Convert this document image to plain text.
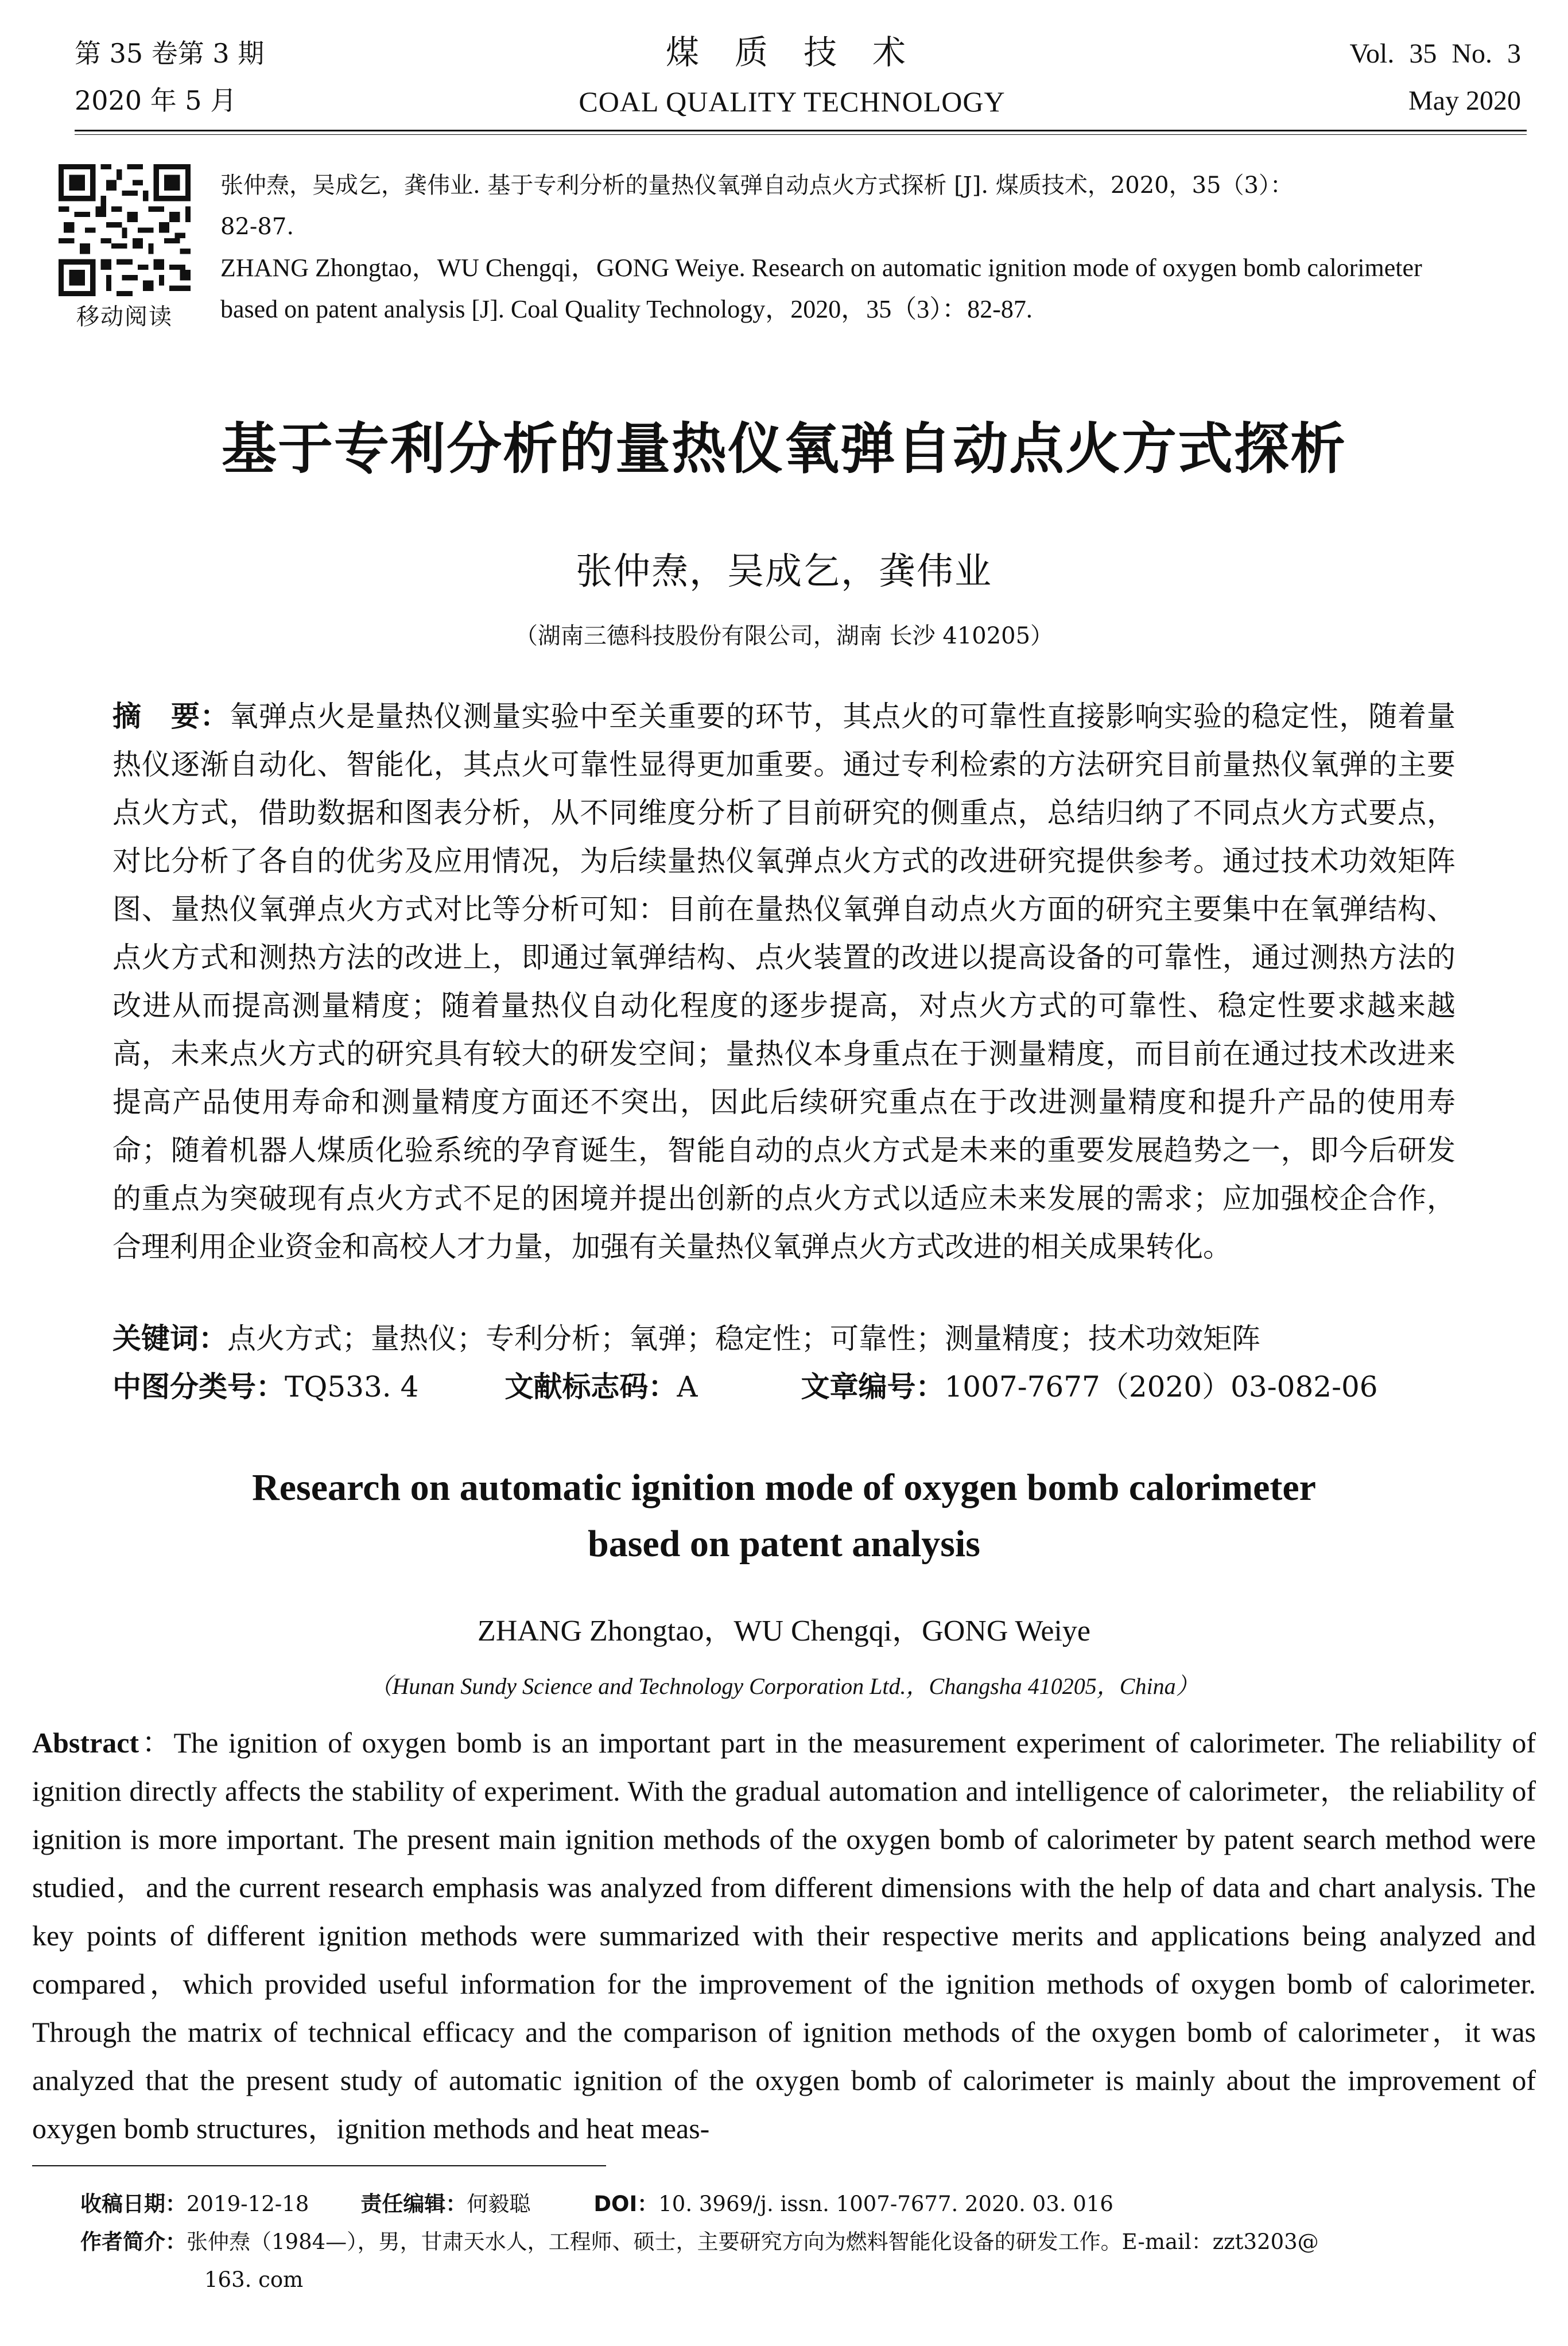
第 35 卷第 3 期
2020 年 5 月
煤质技术
COAL QUALITY TECHNOLOGY
Vol. 35 No. 3
May 2020
移动阅读
张仲焘，吴成乞，龚伟业. 基于专利分析的量热仪氧弹自动点火方式探析 [J]. 煤质技术，2020，35（3）：
82-87.
ZHANG Zhongtao，WU Chengqi，GONG Weiye. Research on automatic ignition mode of oxygen bomb calorimeter
based on patent analysis [J]. Coal Quality Technology，2020，35（3）：82-87.
基于专利分析的量热仪氧弹自动点火方式探析
张仲焘，吴成乞，龚伟业
（湖南三德科技股份有限公司，湖南 长沙 410205）
摘　要：氧弹点火是量热仪测量实验中至关重要的环节，其点火的可靠性直接影响实验的稳定性，随着量热仪逐渐自动化、智能化，其点火可靠性显得更加重要。通过专利检索的方法研究目前量热仪氧弹的主要点火方式，借助数据和图表分析，从不同维度分析了目前研究的侧重点，总结归纳了不同点火方式要点，对比分析了各自的优劣及应用情况，为后续量热仪氧弹点火方式的改进研究提供参考。通过技术功效矩阵图、量热仪氧弹点火方式对比等分析可知：目前在量热仪氧弹自动点火方面的研究主要集中在氧弹结构、点火方式和测热方法的改进上，即通过氧弹结构、点火装置的改进以提高设备的可靠性，通过测热方法的改进从而提高测量精度；随着量热仪自动化程度的逐步提高，对点火方式的可靠性、稳定性要求越来越高，未来点火方式的研究具有较大的研发空间；量热仪本身重点在于测量精度，而目前在通过技术改进来提高产品使用寿命和测量精度方面还不突出，因此后续研究重点在于改进测量精度和提升产品的使用寿命；随着机器人煤质化验系统的孕育诞生，智能自动的点火方式是未来的重要发展趋势之一，即今后研发的重点为突破现有点火方式不足的困境并提出创新的点火方式以适应未来发展的需求；应加强校企合作，合理利用企业资金和高校人才力量，加强有关量热仪氧弹点火方式改进的相关成果转化。
关键词：点火方式；量热仪；专利分析；氧弹；稳定性；可靠性；测量精度；技术功效矩阵
中图分类号：TQ533. 4	文献标志码：A	文章编号：1007-7677（2020）03-082-06
Research on automatic ignition mode of oxygen bomb calorimeter
based on patent analysis
ZHANG Zhongtao，WU Chengqi，GONG Weiye
（Hunan Sundy Science and Technology Corporation Ltd.，Changsha 410205，China）
Abstract：The ignition of oxygen bomb is an important part in the measurement experiment of calorimeter. The reliability of ignition directly affects the stability of experiment. With the gradual automation and intelligence of calorimeter，the reliability of ignition is more important. The present main ignition methods of the oxygen bomb of calorimeter by patent search method were studied，and the current research emphasis was analyzed from different dimensions with the help of data and chart analysis. The key points of different ignition methods were summarized with their respective merits and applications being analyzed and compared，which provided useful information for the improvement of the ignition methods of oxygen bomb of calorimeter. Through the matrix of technical efficacy and the comparison of ignition methods of the oxygen bomb of calorimeter，it was analyzed that the present study of automatic ignition of the oxygen bomb of calorimeter is mainly about the improvement of oxygen bomb structures，ignition methods and heat meas-
收稿日期：2019-12-18 责任编辑：何毅聪	DOI：10. 3969/j. issn. 1007-7677. 2020. 03. 016
作者简介：张仲焘（1984—），男，甘肃天水人，工程师、硕士，主要研究方向为燃料智能化设备的研发工作。E-mail：zzt3203@
163. com
